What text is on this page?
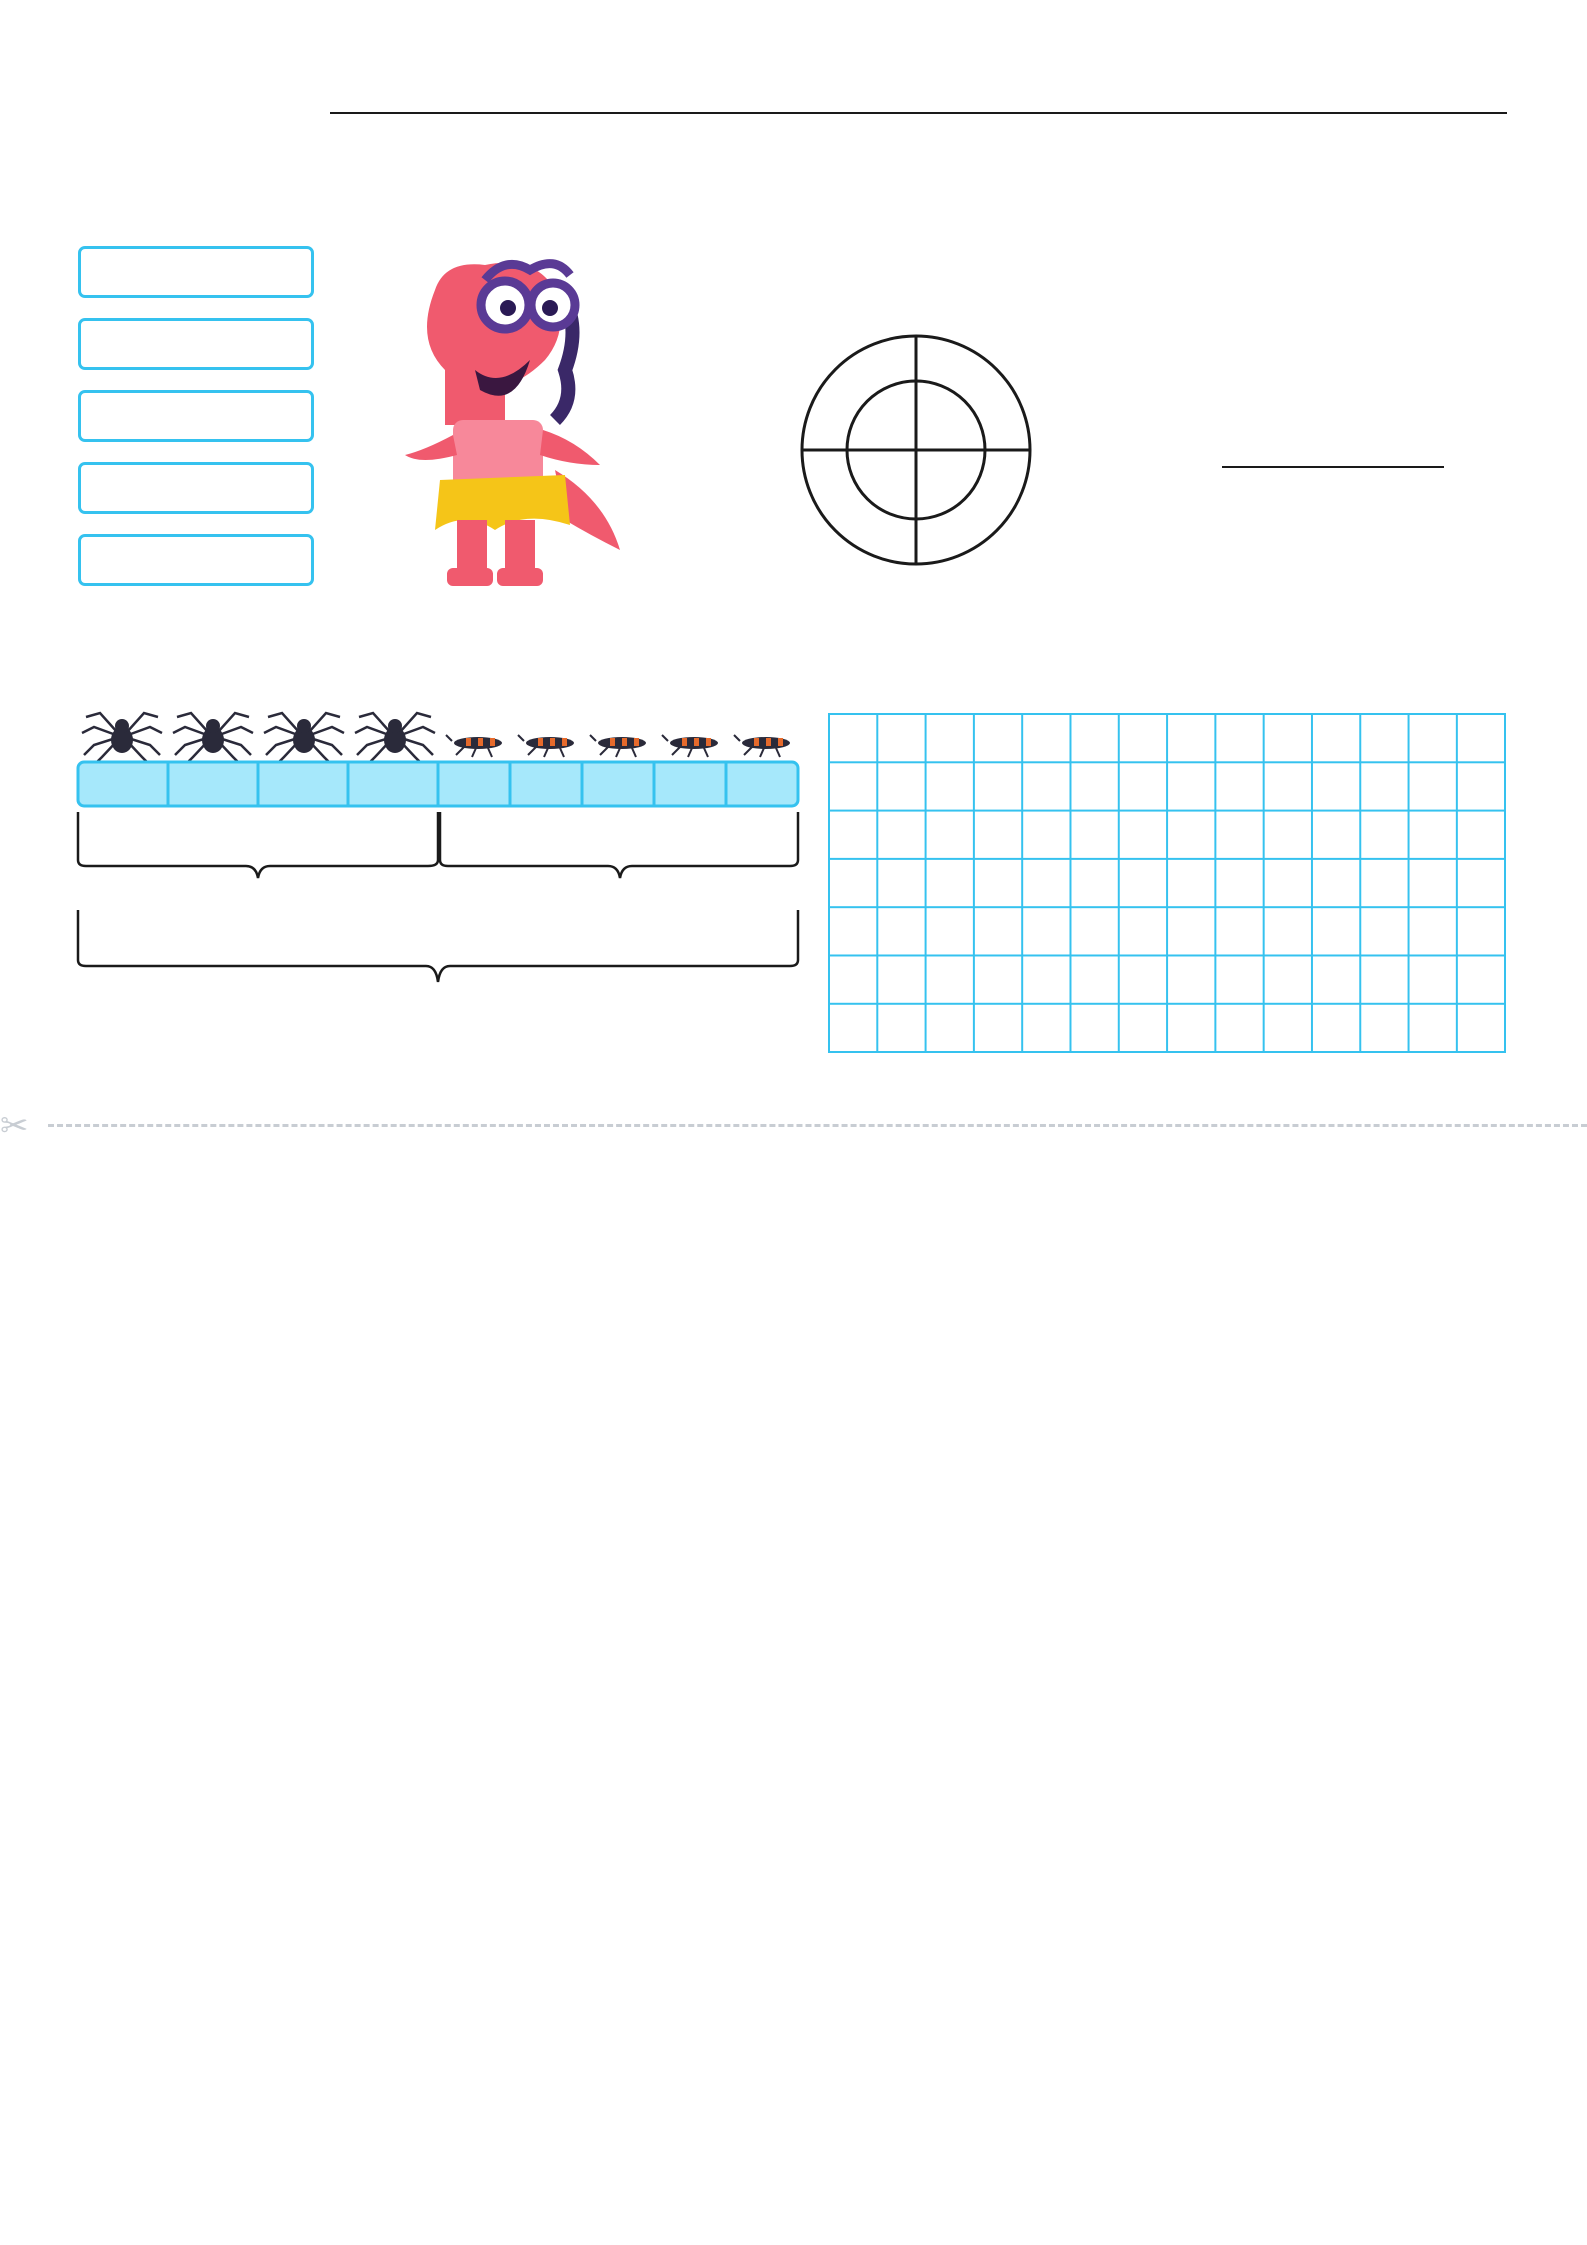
✂
